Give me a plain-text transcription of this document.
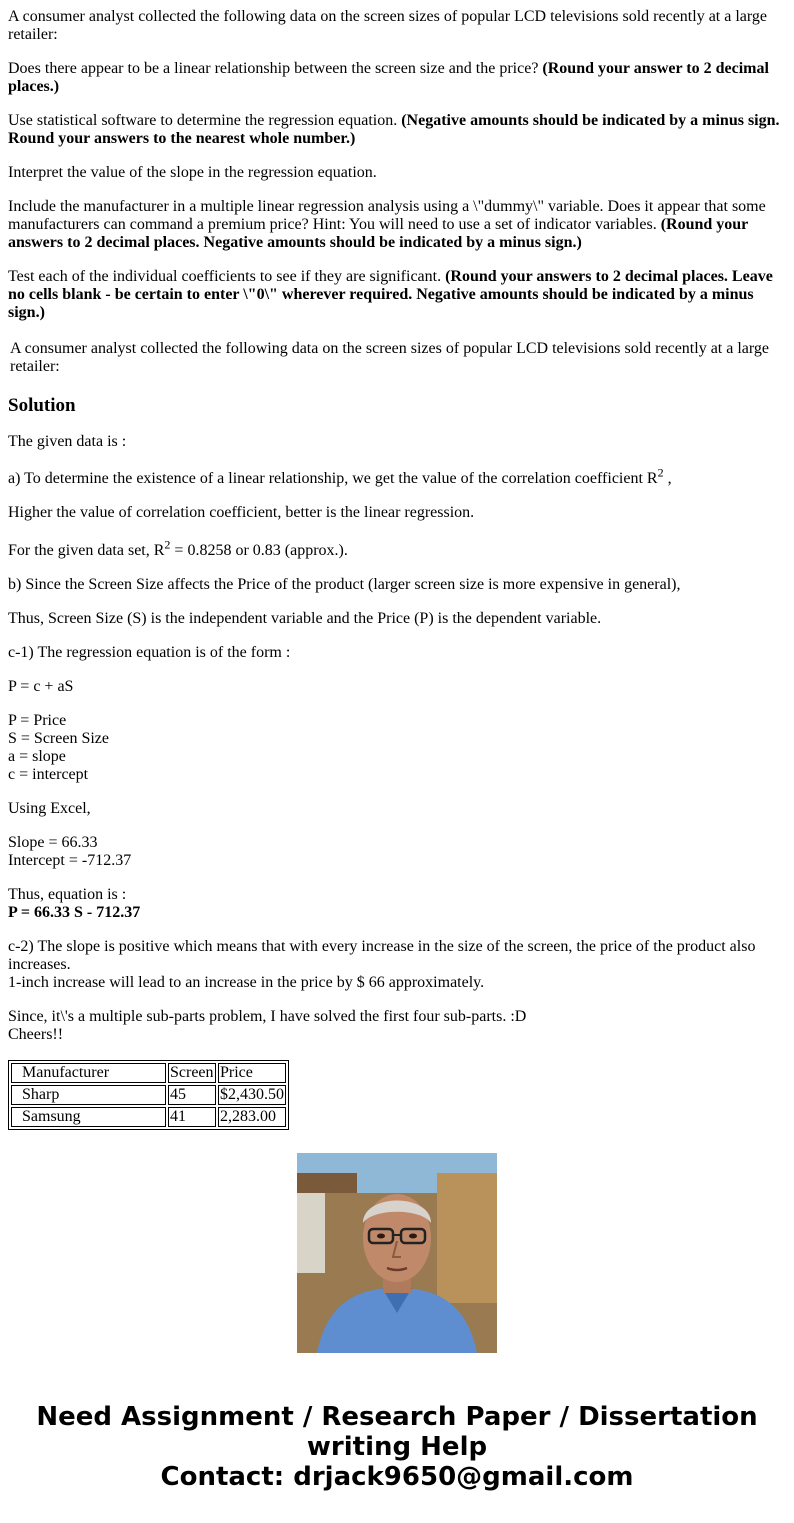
A consumer analyst collected the following data on the screen sizes of popular LCD televisions sold recently at a large retailer:

Does there appear to be a linear relationship between the screen size and the price? (Round your answer to 2 decimal places.)

Use statistical software to determine the regression equation. (Negative amounts should be indicated by a minus sign. Round your answers to the nearest whole number.)

Interpret the value of the slope in the regression equation.

Include the manufacturer in a multiple linear regression analysis using a \"dummy\" variable. Does it appear that some manufacturers can command a premium price? Hint: You will need to use a set of indicator variables. (Round your answers to 2 decimal places. Negative amounts should be indicated by a minus sign.)

Test each of the individual coefficients to see if they are significant. (Round your answers to 2 decimal places. Leave no cells blank - be certain to enter \"0\" wherever required. Negative amounts should be indicated by a minus sign.)

A consumer analyst collected the following data on the screen sizes of popular LCD televisions sold recently at a large retailer:

Solution

The given data is :

a) To determine the existence of a linear relationship, we get the value of the correlation coefficient $R^2$ ,

Higher the value of correlation coefficient, better is the linear regression.

For the given data set, $R^2 = 0.8258$ or 0.83 (approx.).

b) Since the Screen Size affects the Price of the product (larger screen size is more expensive in general),

Thus, Screen Size (S) is the independent variable and the Price (P) is the dependent variable.

c-1) The regression equation is of the form :

P = c + aS

P = Price
S = Screen Size
a = slope
c = intercept

Using Excel,

Slope = 66.33
Intercept = -712.37
Thus, equation is :
P = 66.33 S - 712.37
c-2) The slope is positive which means that with every increase in the size of the screen, the price of the product also increases.
1-inch increase will lead to an increase in the price by $ 66 approximately.
Since, it\'s a multiple sub-parts problem, I have solved the first four sub-parts. :D
Cheers!!
Manufacturer	Screen	Price
Sharp	45	$2,430.50
Samsung	41	2,283.00
Need Assignment / Research Paper / Dissertation
writing Help
Contact: drjack9650@gmail.com
